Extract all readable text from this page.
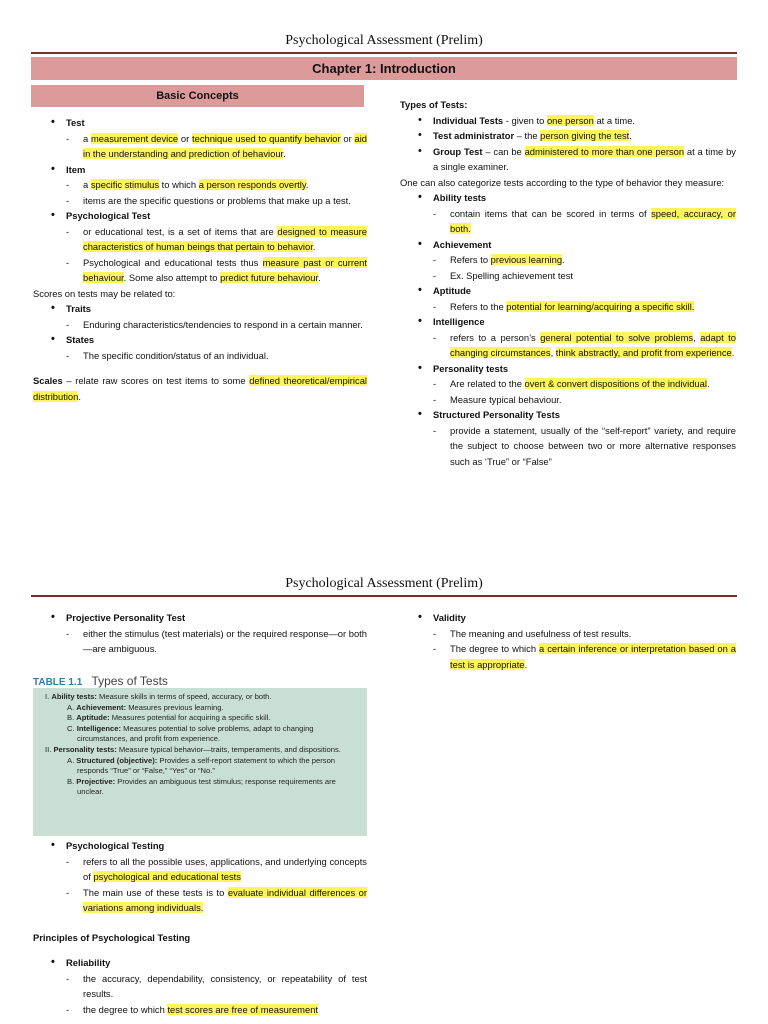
Psychological Assessment (Prelim)
Chapter 1: Introduction
Basic Concepts

• Test

- a measurement device or technique used to quantify behavior or aid in the understanding and prediction of behaviour.

• Item

- a specific stimulus to which a person responds overtly.

- items are the specific questions or problems that make up a test.

• Psychological Test

- or educational test, is a set of items that are designed to measure characteristics of human beings that pertain to behavior.

- Psychological and educational tests thus measure past or current behaviour. Some also attempt to predict future behaviour.

Scores on tests may be related to:

• Traits

- Enduring characteristics/tendencies to respond in a certain manner.

• States

- The specific condition/status of an individual.

Scales – relate raw scores on test items to some defined theoretical/empirical distribution.

Types of Tests:

• Individual Tests - given to one person at a time.

• Test administrator – the person giving the test.

• Group Test – can be administered to more than one person at a time by a single examiner.

One can also categorize tests according to the type of behavior they measure:

• Ability tests

- contain items that can be scored in terms of speed, accuracy, or both.

• Achievement

- Refers to previous learning.

- Ex. Spelling achievement test

• Aptitude

- Refers to the potential for learning/acquiring a specific skill.

• Intelligence

- refers to a person’s general potential to solve problems, adapt to changing circumstances, think abstractly, and profit from experience.

• Personality tests

- Are related to the overt & convert dispositions of the individual.

- Measure typical behaviour.

• Structured Personality Tests

- provide a statement, usually of the “self-report” variety, and require the subject to choose between two or more alternative responses such as ‘True” or “False”

Psychological Assessment (Prelim)

• Projective Personality Test

- either the stimulus (test materials) or the required response—or both—are ambiguous.

TABLE 1.1 Types of Tests
I. Ability tests: Measure skills in terms of speed, accuracy, or both.
A. Achievement: Measures previous learning.
B. Aptitude: Measures potential for acquiring a specific skill.
C. Intelligence: Measures potential to solve problems, adapt to changing circumstances, and profit from experience.
II. Personality tests: Measure typical behavior—traits, temperaments, and dispositions.
A. Structured (objective): Provides a self-report statement to which the person responds “True” or “False,” “Yes” or “No.”
B. Projective: Provides an ambiguous test stimulus; response requirements are unclear.

• Psychological Testing

- refers to all the possible uses, applications, and underlying concepts of psychological and educational tests

- The main use of these tests is to evaluate individual differences or variations among individuals.

Principles of Psychological Testing

• Reliability

- the accuracy, dependability, consistency, or repeatability of test results.

- the degree to which test scores are free of measurement

• Validity

- The meaning and usefulness of test results.

- The degree to which a certain inference or interpretation based on a test is appropriate.
